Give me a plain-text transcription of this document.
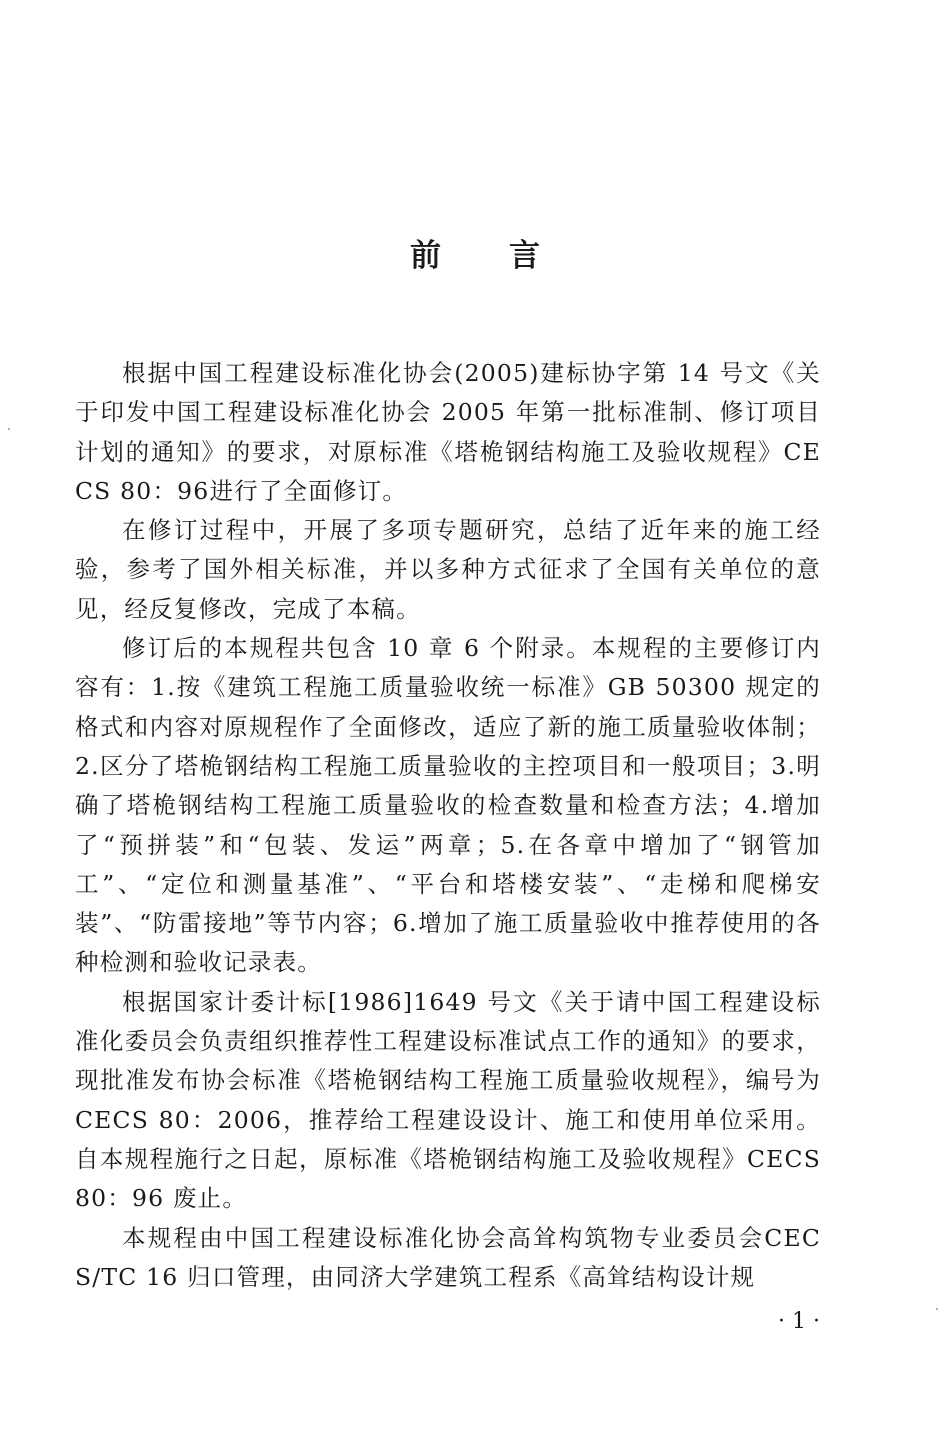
前言

根据中国工程建设标准化协会(2005)建标协字第 14 号文《关于印发中国工程建设标准化协会 2005 年第一批标准制、修订项目计划的通知》的要求，对原标准《塔桅钢结构施工及验收规程》CECS 80：96进行了全面修订。

在修订过程中，开展了多项专题研究，总结了近年来的施工经验，参考了国外相关标准，并以多种方式征求了全国有关单位的意见，经反复修改，完成了本稿。

修订后的本规程共包含 10 章 6 个附录。本规程的主要修订内容有：1.按《建筑工程施工质量验收统一标准》GB 50300 规定的格式和内容对原规程作了全面修改，适应了新的施工质量验收体制；2.区分了塔桅钢结构工程施工质量验收的主控项目和一般项目；3.明确了塔桅钢结构工程施工质量验收的检查数量和检查方法；4.增加了“预拼装”和“包装、发运”两章；5.在各章中增加了“钢管加工”、“定位和测量基准”、“平台和塔楼安装”、“走梯和爬梯安装”、“防雷接地”等节内容；6.增加了施工质量验收中推荐使用的各种检测和验收记录表。

根据国家计委计标[1986]1649 号文《关于请中国工程建设标准化委员会负责组织推荐性工程建设标准试点工作的通知》的要求，现批准发布协会标准《塔桅钢结构工程施工质量验收规程》，编号为 CECS 80：2006，推荐给工程建设设计、施工和使用单位采用。自本规程施行之日起，原标准《塔桅钢结构施工及验收规程》CECS 80：96 废止。

本规程由中国工程建设标准化协会高耸构筑物专业委员会CECS/TC 16 归口管理，由同济大学建筑工程系《高耸结构设计规

· 1 ·
